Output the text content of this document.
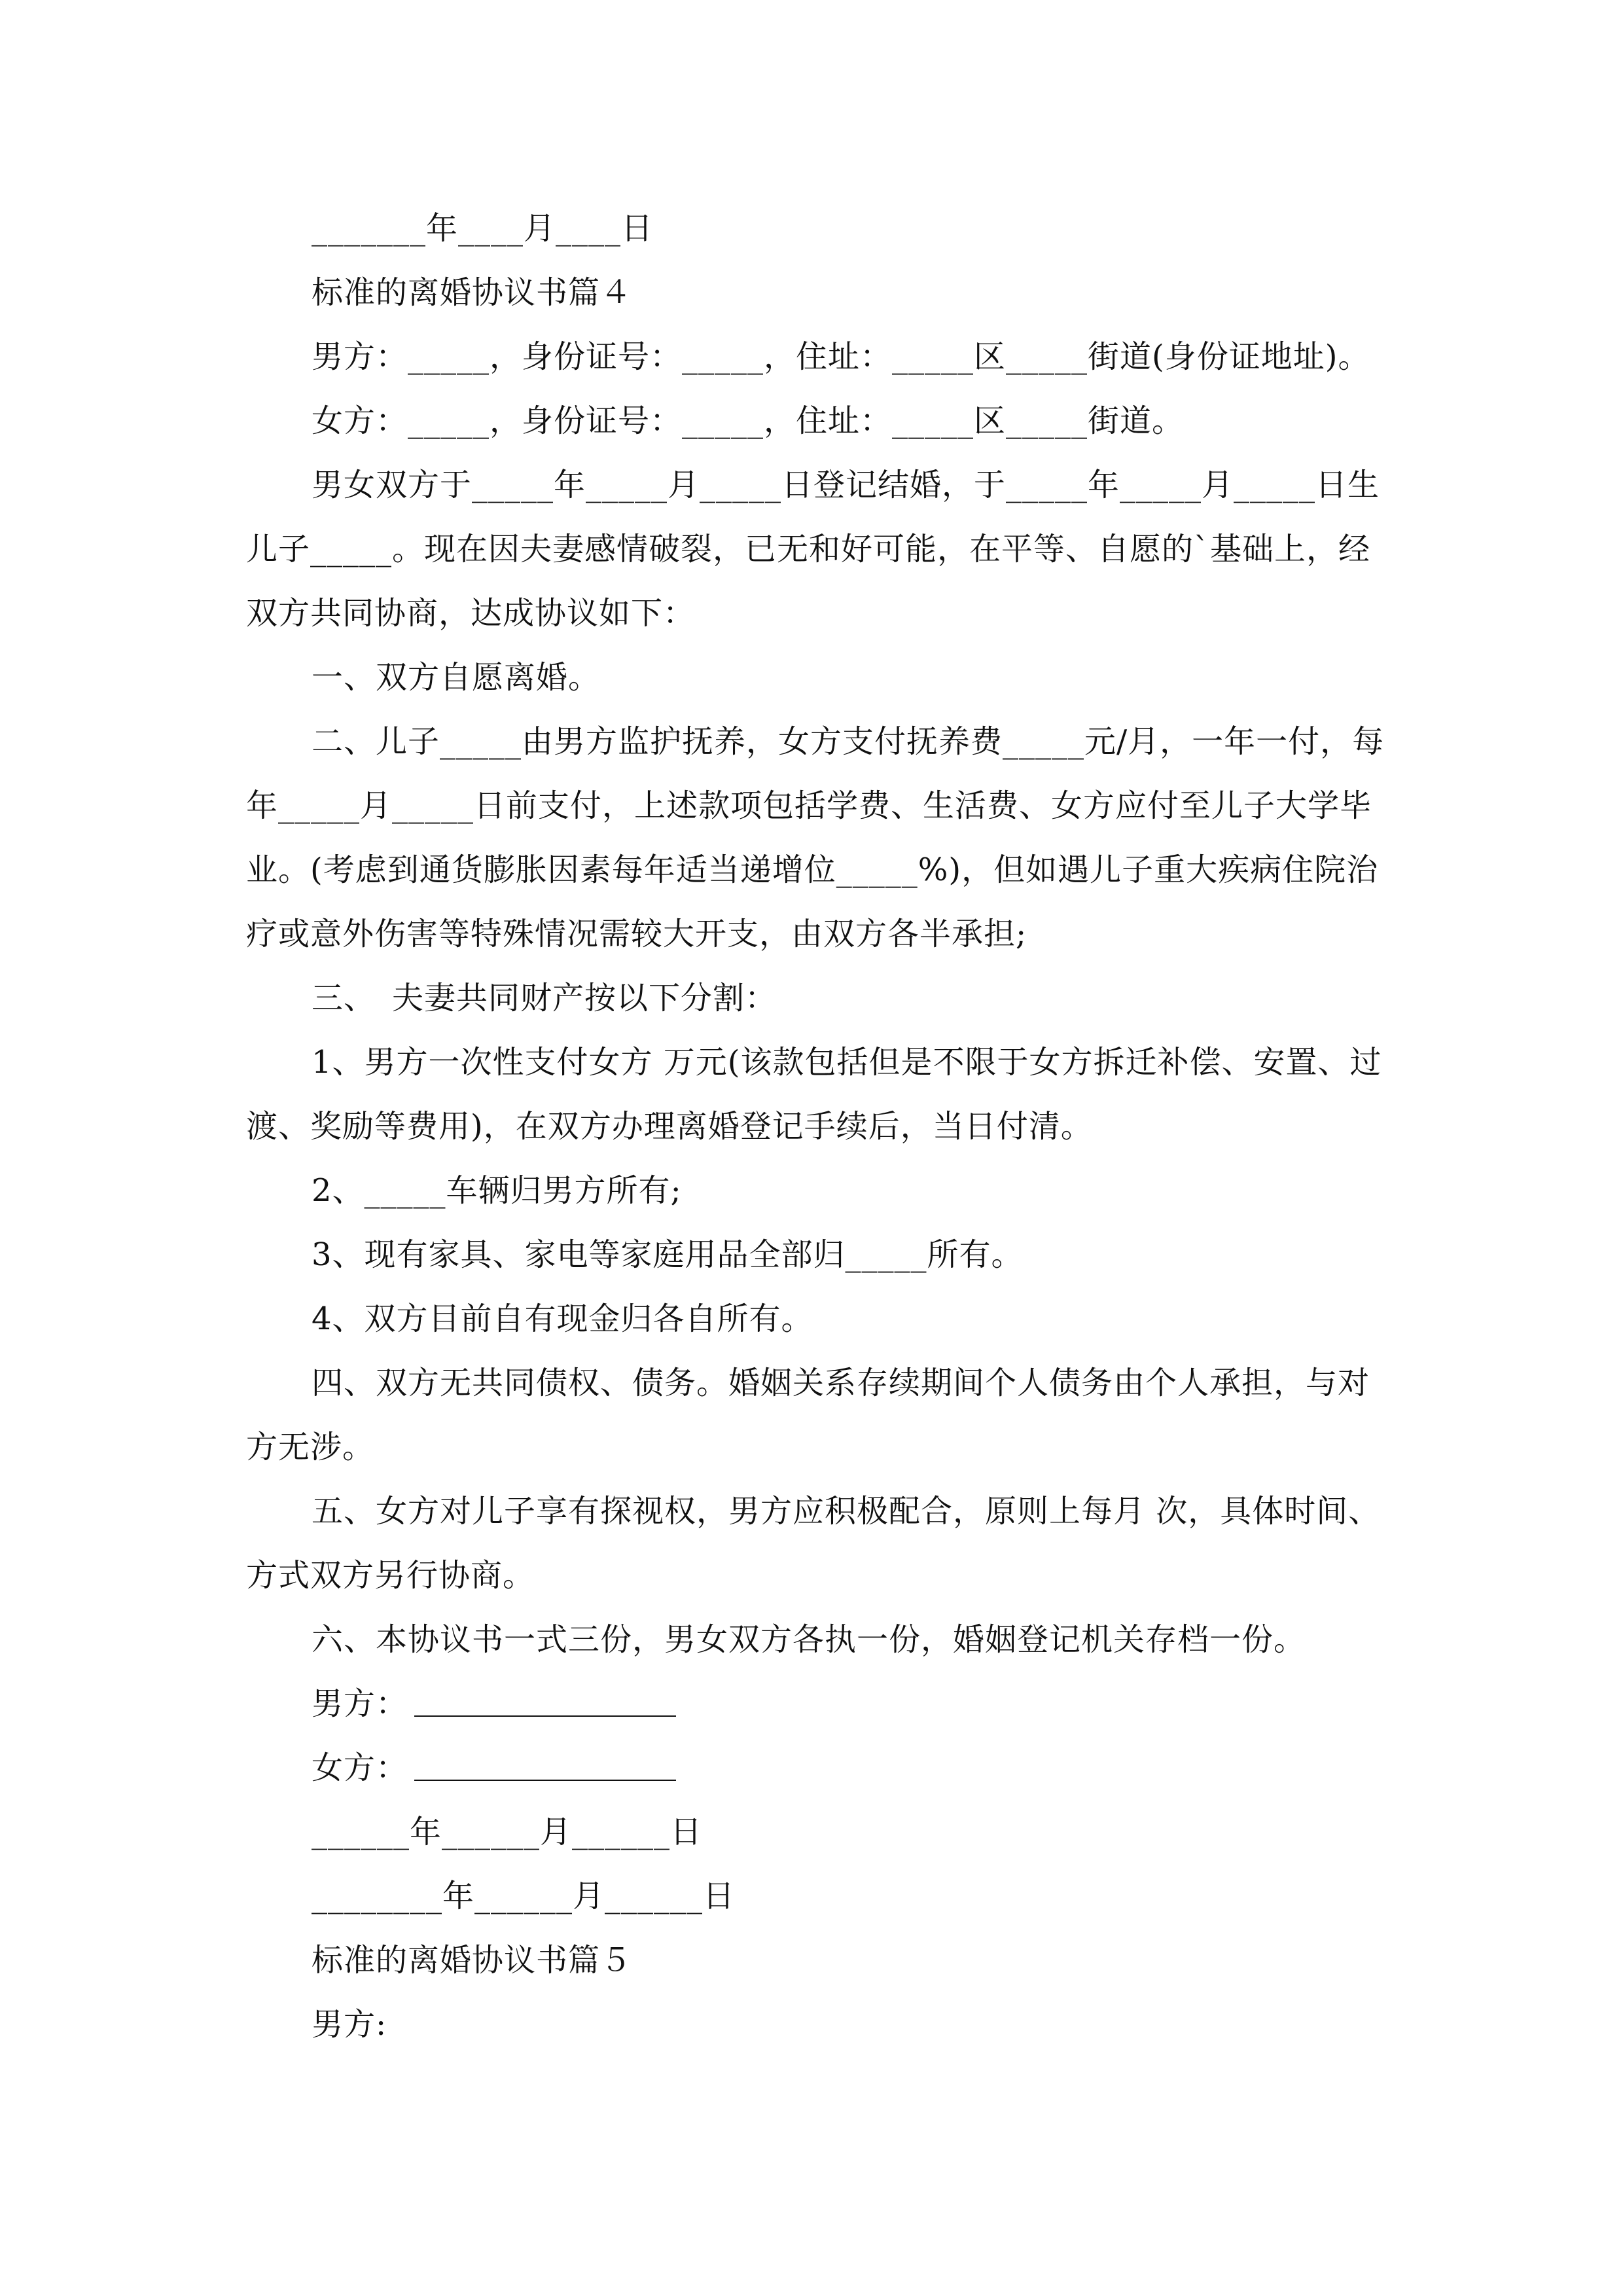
_______年____月____日

标准的离婚协议书篇４

男方：_____，身份证号：_____，住址：_____区_____街道(身份证地址)。

女方：_____，身份证号：_____，住址：_____区_____街道。

男女双方于_____年_____月_____日登记结婚，于_____年_____月_____日生儿子_____。现在因夫妻感情破裂，已无和好可能，在平等、自愿的`基础上，经双方共同协商，达成协议如下：

一、双方自愿离婚。

二、儿子_____由男方监护抚养，女方支付抚养费_____元/月，一年一付，每年_____月_____日前支付，上述款项包括学费、生活费、女方应付至儿子大学毕业。(考虑到通货膨胀因素每年适当递增位_____%)，但如遇儿子重大疾病住院治疗或意外伤害等特殊情况需较大开支，由双方各半承担;

三、　夫妻共同财产按以下分割：

1、男方一次性支付女方 万元(该款包括但是不限于女方拆迁补偿、安置、过渡、奖励等费用)，在双方办理离婚登记手续后，当日付清。

2、_____车辆归男方所有;

3、现有家具、家电等家庭用品全部归_____所有。

4、双方目前自有现金归各自所有。

四、双方无共同债权、债务。婚姻关系存续期间个人债务由个人承担，与对方无涉。

五、女方对儿子享有探视权，男方应积极配合，原则上每月 次，具体时间、方式双方另行协商。

六、本协议书一式三份，男女双方各执一份，婚姻登记机关存档一份。

男方：

女方：

______年______月______日

________年______月______日

标准的离婚协议书篇５

男方:
